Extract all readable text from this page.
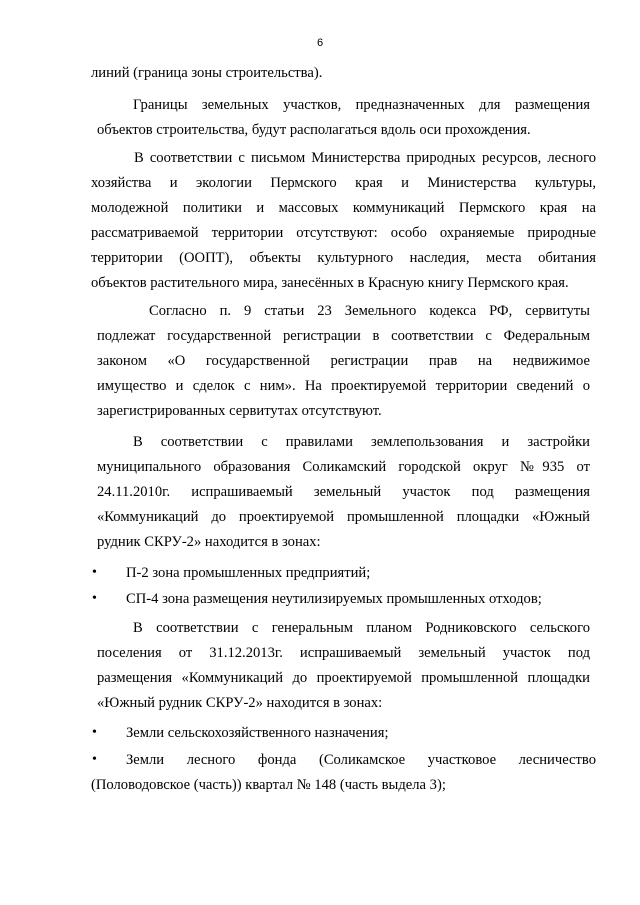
6
линий (граница зоны строительства).
Границы земельных участков, предназначенных для размещения
объектов строительства, будут располагаться вдоль оси прохождения.
В соответствии с письмом Министерства природных ресурсов, лесного
хозяйства и экологии Пермского края и Министерства культуры,
молодежной политики и массовых коммуникаций Пермского края на
рассматриваемой территории отсутствуют: особо охраняемые природные
территории (ООПТ), объекты культурного наследия, места обитания
объектов растительного мира, занесённых в Красную книгу Пермского края.
Согласно п. 9 статьи 23 Земельного кодекса РФ, сервитуты
подлежат государственной регистрации в соответствии с Федеральным
законом «О государственной регистрации прав на недвижимое
имущество и сделок с ним». На проектируемой территории сведений о
зарегистрированных сервитутах отсутствуют.
В соответствии с правилами землепользования и застройки
муниципального образования Соликамский городской округ №935 от
24.11.2010г. испрашиваемый земельный участок под размещения
«Коммуникаций до проектируемой промышленной площадки «Южный
рудник СКРУ-2» находится в зонах:
• П-2 зона промышленных предприятий;
• СП-4 зона размещения неутилизируемых промышленных отходов;
В соответствии с генеральным планом Родниковского сельского
поселения от 31.12.2013г. испрашиваемый земельный участок под
размещения «Коммуникаций до проектируемой промышленной площадки
«Южный рудник СКРУ-2» находится в зонах:
• Земли сельскохозяйственного назначения;
• Земли лесного фонда (Соликамское участковое лесничество
(Половодовское (часть)) квартал № 148 (часть выдела 3);
